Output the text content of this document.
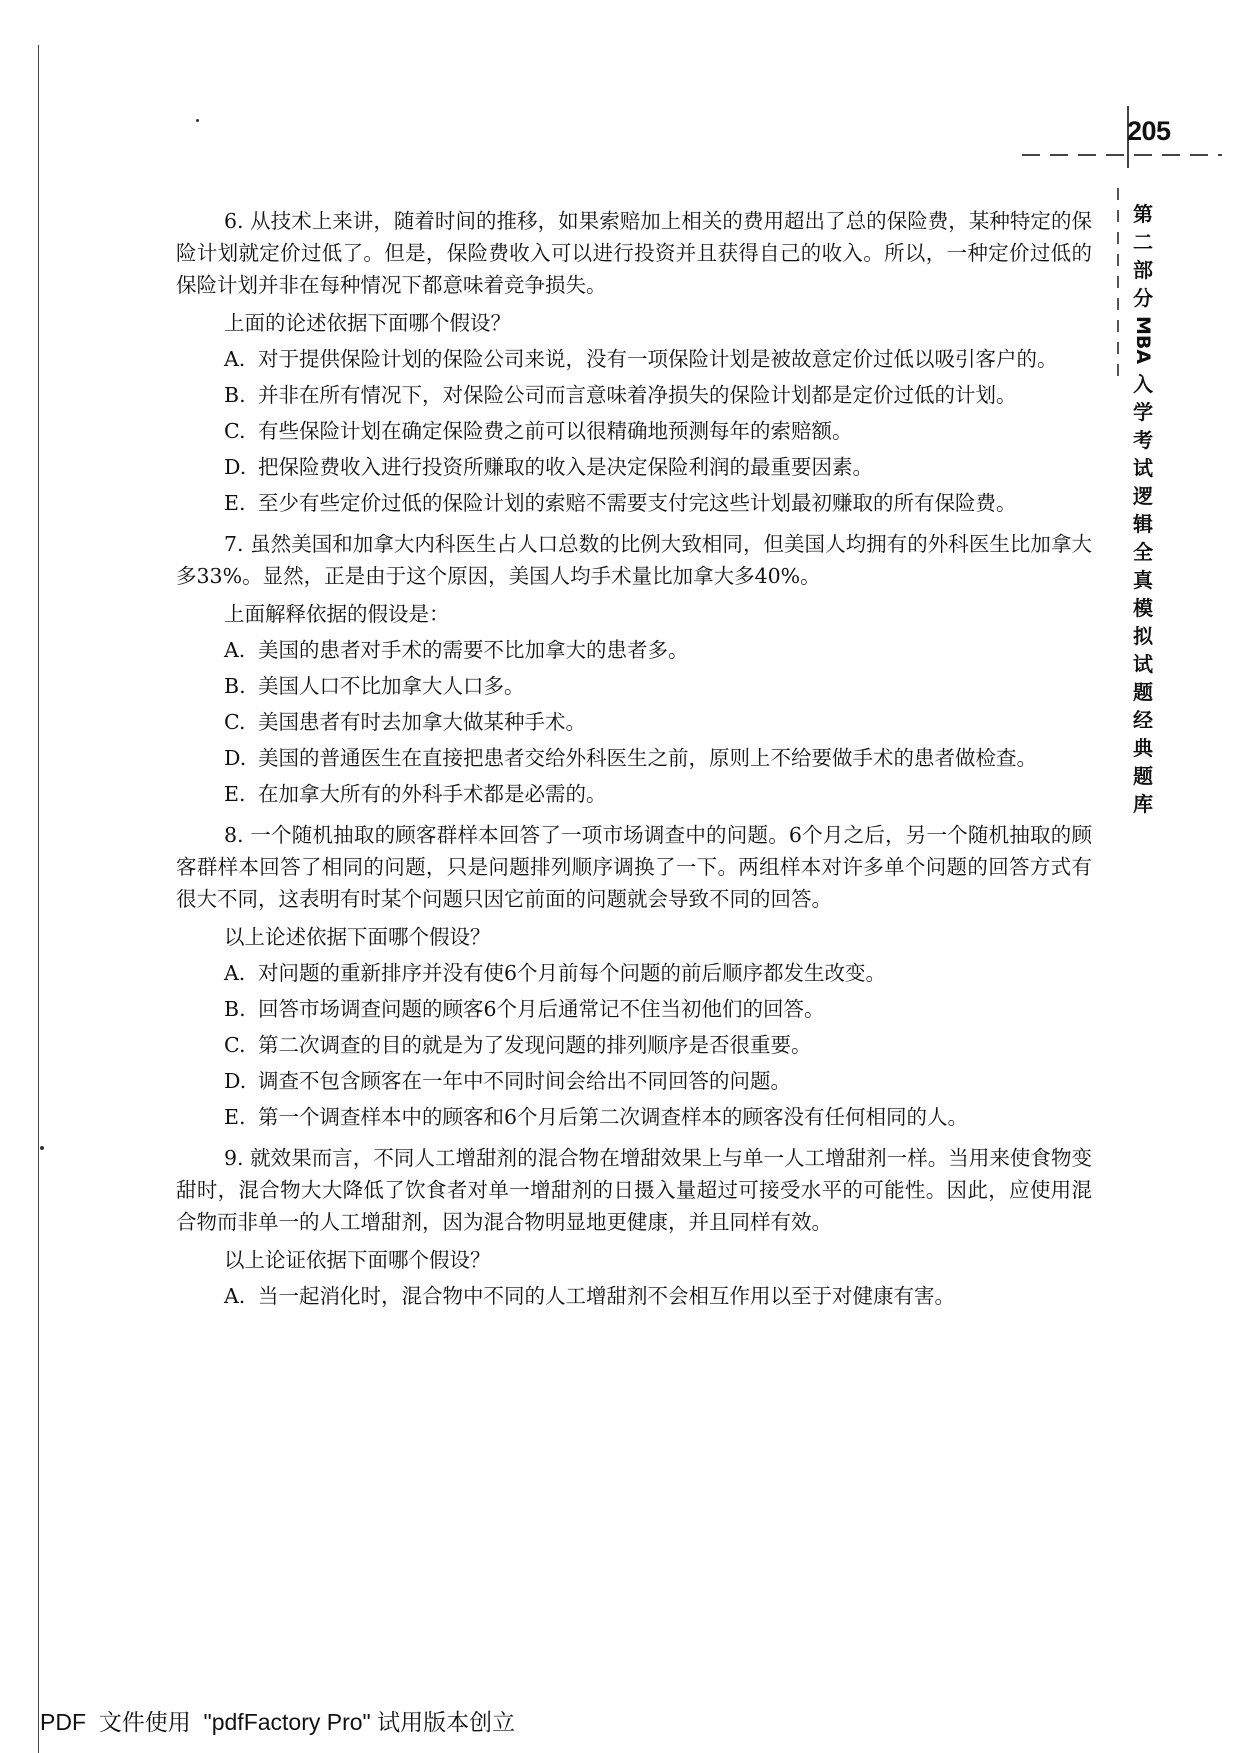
205
第
二
部
分
MBA
入
学
考
试
逻
辑
全
真
模
拟
试
题
经
典
题
库

6. 从技术上来讲，随着时间的推移，如果索赔加上相关的费用超出了总的保险费，某种特定的保险计划就定价过低了。但是，保险费收入可以进行投资并且获得自己的收入。所以，一种定价过低的保险计划并非在每种情况下都意味着竞争损失。

上面的论述依据下面哪个假设？
A. 对于提供保险计划的保险公司来说，没有一项保险计划是被故意定价过低以吸引客户的。
B. 并非在所有情况下，对保险公司而言意味着净损失的保险计划都是定价过低的计划。
C. 有些保险计划在确定保险费之前可以很精确地预测每年的索赔额。
D. 把保险费收入进行投资所赚取的收入是决定保险利润的最重要因素。
E. 至少有些定价过低的保险计划的索赔不需要支付完这些计划最初赚取的所有保险费。

7. 虽然美国和加拿大内科医生占人口总数的比例大致相同，但美国人均拥有的外科医生比加拿大多33%。显然，正是由于这个原因，美国人均手术量比加拿大多40%。

上面解释依据的假设是：
A. 美国的患者对手术的需要不比加拿大的患者多。
B. 美国人口不比加拿大人口多。
C. 美国患者有时去加拿大做某种手术。
D. 美国的普通医生在直接把患者交给外科医生之前，原则上不给要做手术的患者做检查。
E. 在加拿大所有的外科手术都是必需的。

8. 一个随机抽取的顾客群样本回答了一项市场调查中的问题。6个月之后，另一个随机抽取的顾客群样本回答了相同的问题，只是问题排列顺序调换了一下。两组样本对许多单个问题的回答方式有很大不同，这表明有时某个问题只因它前面的问题就会导致不同的回答。

以上论述依据下面哪个假设？
A. 对问题的重新排序并没有使6个月前每个问题的前后顺序都发生改变。
B. 回答市场调查问题的顾客6个月后通常记不住当初他们的回答。
C. 第二次调查的目的就是为了发现问题的排列顺序是否很重要。
D. 调查不包含顾客在一年中不同时间会给出不同回答的问题。
E. 第一个调查样本中的顾客和6个月后第二次调查样本的顾客没有任何相同的人。

9. 就效果而言，不同人工增甜剂的混合物在增甜效果上与单一人工增甜剂一样。当用来使食物变甜时，混合物大大降低了饮食者对单一增甜剂的日摄入量超过可接受水平的可能性。因此，应使用混合物而非单一的人工增甜剂，因为混合物明显地更健康，并且同样有效。

以上论证依据下面哪个假设？
A. 当一起消化时，混合物中不同的人工增甜剂不会相互作用以至于对健康有害。
PDF  文件使用  "pdfFactory Pro" 试用版本创立
